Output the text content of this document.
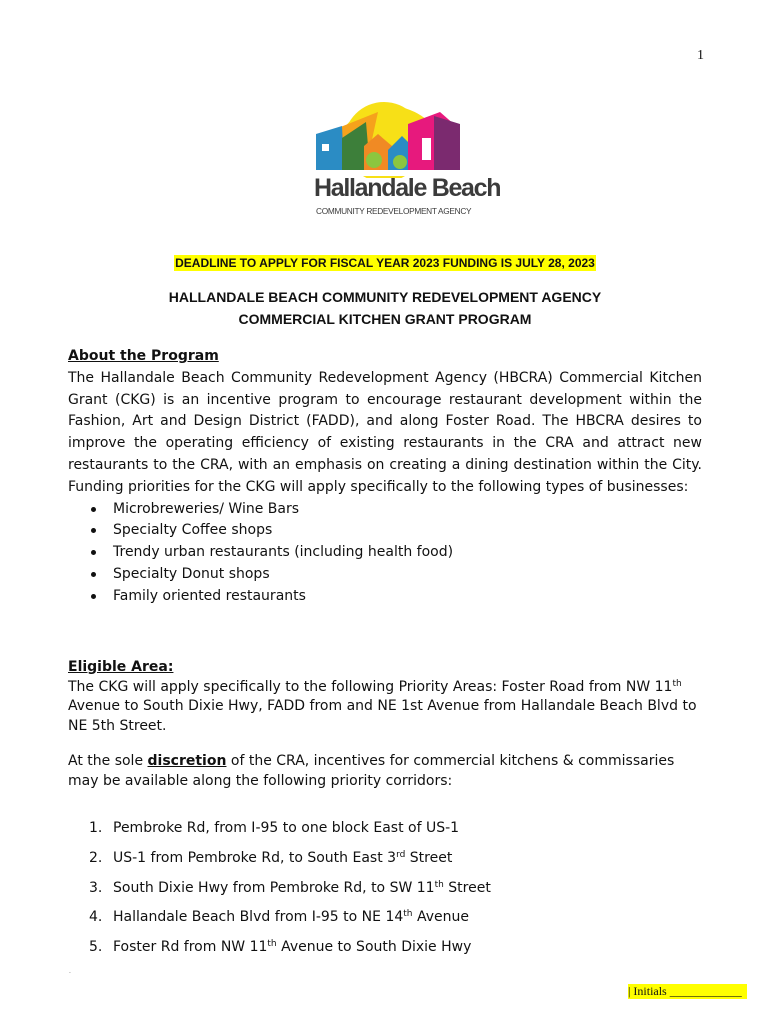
1
Hallandale Beach
COMMUNITY REDEVELOPMENT AGENCY
DEADLINE TO APPLY FOR FISCAL YEAR 2023 FUNDING IS JULY 28, 2023
HALLANDALE BEACH COMMUNITY REDEVELOPMENT AGENCY
COMMERCIAL KITCHEN GRANT PROGRAM
About the Program
The Hallandale Beach Community Redevelopment Agency (HBCRA) Commercial Kitchen Grant (CKG) is an incentive program to encourage restaurant development within the Fashion, Art and Design District (FADD), and along Foster Road. The HBCRA desires to improve the operating efficiency of existing restaurants in the CRA and attract new restaurants to the CRA, with an emphasis on creating a dining destination within the City. Funding priorities for the CKG will apply specifically to the following types of businesses:
Microbreweries/ Wine Bars
Specialty Coffee shops
Trendy urban restaurants (including health food)
Specialty Donut shops
Family oriented restaurants
Eligible Area:
The CKG will apply specifically to the following Priority Areas: Foster Road from NW 11th Avenue to South Dixie Hwy, FADD from and NE 1st Avenue from Hallandale Beach Blvd to NE 5th Street.
At the sole discretion of the CRA, incentives for commercial kitchens & commissaries may be available along the following priority corridors:
1. Pembroke Rd, from I-95 to one block East of US-1
2. US-1 from Pembroke Rd, to South East 3rd Street
3. South Dixie Hwy from Pembroke Rd, to SW 11th Street
4. Hallandale Beach Blvd from I-95 to NE 14th Avenue
5. Foster Rd from NW 11th Avenue to South Dixie Hwy
.
| Initials ____________
